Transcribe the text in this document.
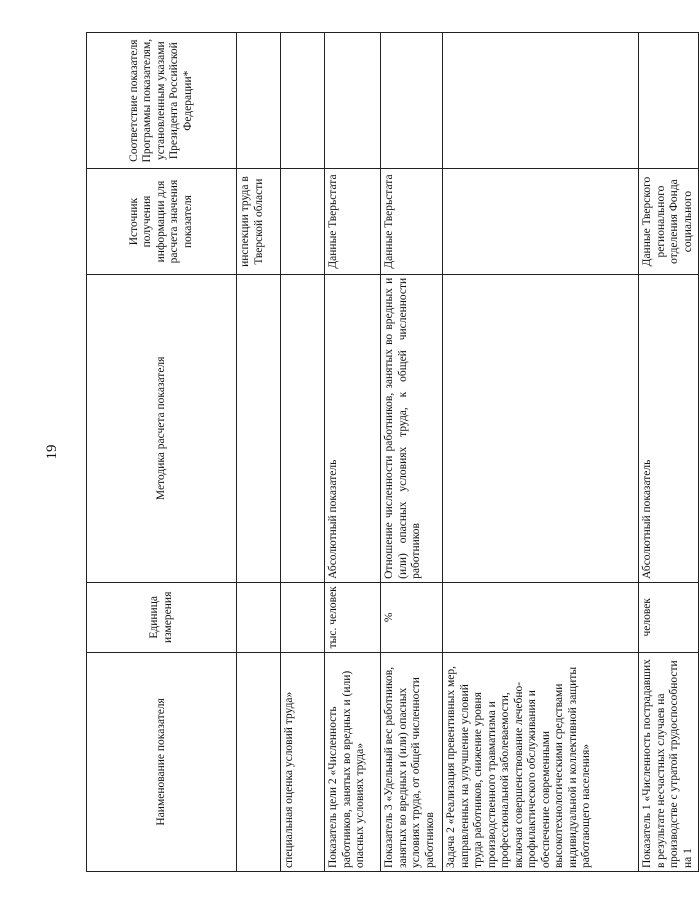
19
Наименование показателя	Единица измерения	Методика расчета показателя	Источник получения информации для расчета значения показателя	Соответствие показателя Программы показателям, установленным указами Президента Российской Федерации*
			инспекции труда в Тверской области	
специальная оценка условий труда»				
Показатель цели 2 «Численность работников, занятых во вредных и (или) опасных условиях труда»	тыс. человек	Абсолютный показатель	Данные Тверьстата	
Показатель 3 «Удельный вес работников, занятых во вредных и (или) опасных условиях труда, от общей численности работников	%	Отношение численности работников, занятых во вредных и (или) опасных условиях труда, к общей численности работников	Данные Тверьстата	
Задача 2 «Реализация превентивных мер, направленных на улучшение условий труда работников, снижение уровня производственного травматизма и профессиональной заболеваемости, включая совершенствование лечебно-профилактического обслуживания и обеспечение современными высокотехнологическими средствами индивидуальной и коллективной защиты работающего населения»				
Показатель 1 «Численность пострадавших в результате несчастных случаев на производстве с утратой трудоспособности на 1	человек	Абсолютный показатель	Данные Тверского регионального отделения Фонда социального	
